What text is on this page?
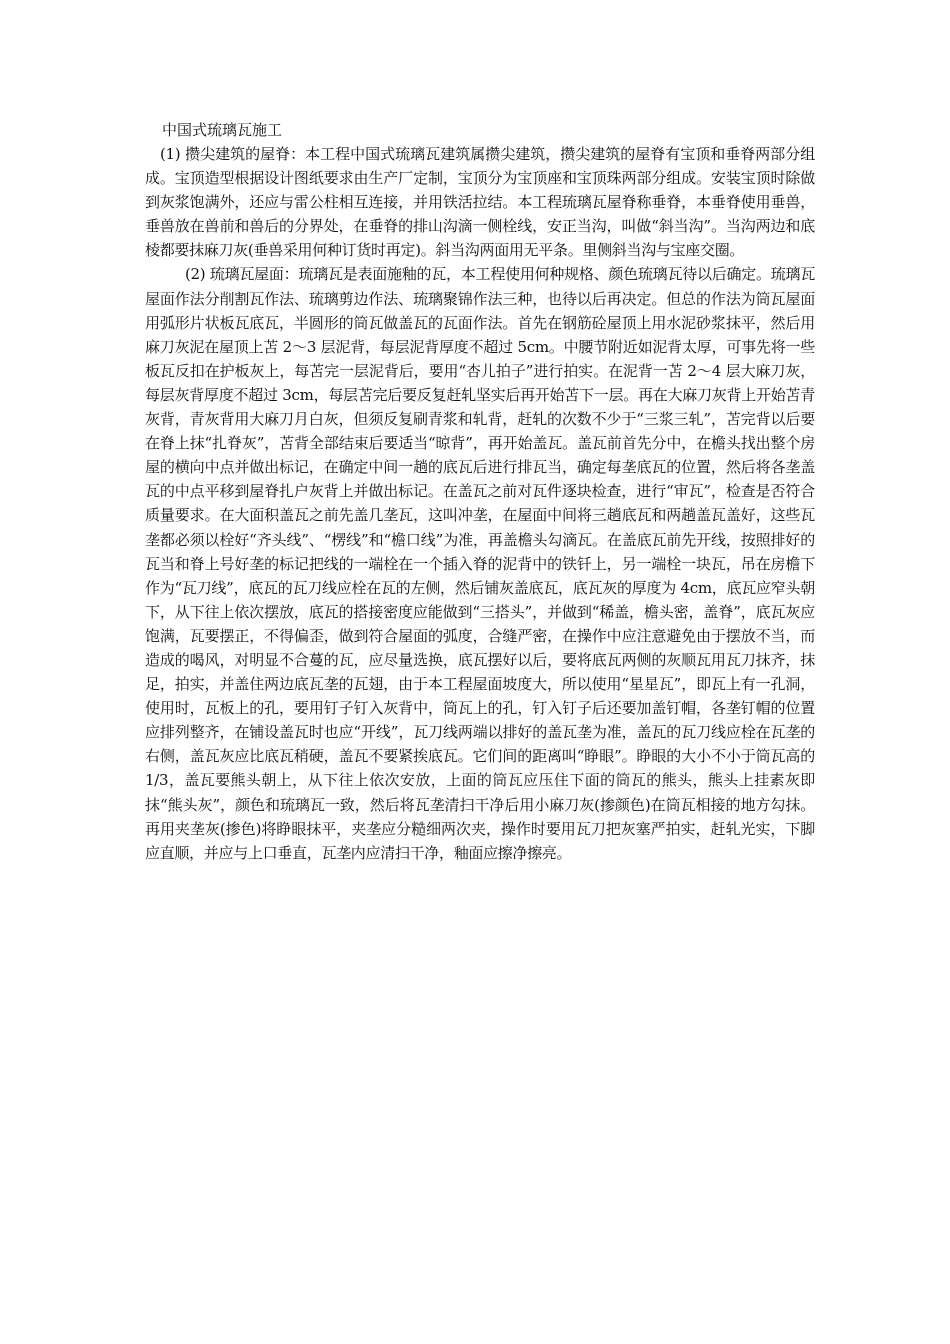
中国式琉璃瓦施工

(1) 攒尖建筑的屋脊：本工程中国式琉璃瓦建筑属攒尖建筑，攒尖建筑的屋脊有宝顶和垂脊两部分组成。宝顶造型根据设计图纸要求由生产厂定制，宝顶分为宝顶座和宝顶珠两部分组成。安装宝顶时除做到灰浆饱满外，还应与雷公柱相互连接，并用铁活拉结。本工程琉璃瓦屋脊称垂脊，本垂脊使用垂兽，垂兽放在兽前和兽后的分界处，在垂脊的排山沟滴一侧栓线，安正当沟，叫做“斜当沟”。当沟两边和底棱都要抹麻刀灰(垂兽采用何种订货时再定)。斜当沟两面用无平条。里侧斜当沟与宝座交圈。

(2) 琉璃瓦屋面：琉璃瓦是表面施釉的瓦，本工程使用何种规格、颜色琉璃瓦待以后确定。琉璃瓦屋面作法分削割瓦作法、琉璃剪边作法、琉璃聚锦作法三种，也待以后再决定。但总的作法为筒瓦屋面用弧形片状板瓦底瓦，半圆形的筒瓦做盖瓦的瓦面作法。首先在钢筋砼屋顶上用水泥砂浆抹平，然后用麻刀灰泥在屋顶上苫 2～3 层泥背，每层泥背厚度不超过 5cm。中腰节附近如泥背太厚，可事先将一些板瓦反扣在护板灰上，每苫完一层泥背后，要用“杏儿拍子”进行拍实。在泥背一苫 2～4 层大麻刀灰，每层灰背厚度不超过 3cm，每层苫完后要反复赶轧坚实后再开始苫下一层。再在大麻刀灰背上开始苫青灰背，青灰背用大麻刀月白灰，但须反复刷青浆和轧背，赶轧的次数不少于“三浆三轧”，苫完背以后要在脊上抹“扎脊灰”，苫背全部结束后要适当“晾背”，再开始盖瓦。盖瓦前首先分中，在檐头找出整个房屋的横向中点并做出标记，在确定中间一趟的底瓦后进行排瓦当，确定每垄底瓦的位置，然后将各垄盖瓦的中点平移到屋脊扎户灰背上并做出标记。在盖瓦之前对瓦件逐块检查，进行“审瓦”，检查是否符合质量要求。在大面积盖瓦之前先盖几垄瓦，这叫冲垄，在屋面中间将三趟底瓦和两趟盖瓦盖好，这些瓦垄都必须以栓好“齐头线”、“楞线”和“檐口线”为准，再盖檐头勾滴瓦。在盖底瓦前先开线，按照排好的瓦当和脊上号好垄的标记把线的一端栓在一个插入脊的泥背中的铁钎上，另一端栓一块瓦，吊在房檐下作为“瓦刀线”，底瓦的瓦刀线应栓在瓦的左侧，然后铺灰盖底瓦，底瓦灰的厚度为 4cm，底瓦应窄头朝下，从下往上依次摆放，底瓦的搭接密度应能做到“三搭头”，并做到“稀盖，檐头密，盖脊”，底瓦灰应饱满，瓦要摆正，不得偏歪，做到符合屋面的弧度，合缝严密，在操作中应注意避免由于摆放不当，而造成的喝风，对明显不合蔓的瓦，应尽量选换，底瓦摆好以后，要将底瓦两侧的灰顺瓦用瓦刀抹齐，抹足，拍实，并盖住两边底瓦垄的瓦翅，由于本工程屋面坡度大，所以使用“星星瓦”，即瓦上有一孔洞，使用时，瓦板上的孔，要用钉子钉入灰背中，筒瓦上的孔，钉入钉子后还要加盖钉帽，各垄钉帽的位置应排列整齐，在铺设盖瓦时也应“开线”，瓦刀线两端以排好的盖瓦垄为准，盖瓦的瓦刀线应栓在瓦垄的右侧，盖瓦灰应比底瓦稍硬，盖瓦不要紧挨底瓦。它们间的距离叫“睁眼”。睁眼的大小不小于筒瓦高的 1/3，盖瓦要熊头朝上，从下往上依次安放，上面的筒瓦应压住下面的筒瓦的熊头，熊头上挂素灰即抹“熊头灰”，颜色和琉璃瓦一致，然后将瓦垄清扫干净后用小麻刀灰(掺颜色)在筒瓦相接的地方勾抹。再用夹垄灰(掺色)将睁眼抹平，夹垄应分糙细两次夹，操作时要用瓦刀把灰塞严拍实，赶轧光实，下脚应直顺，并应与上口垂直，瓦垄内应清扫干净，釉面应擦净擦亮。
